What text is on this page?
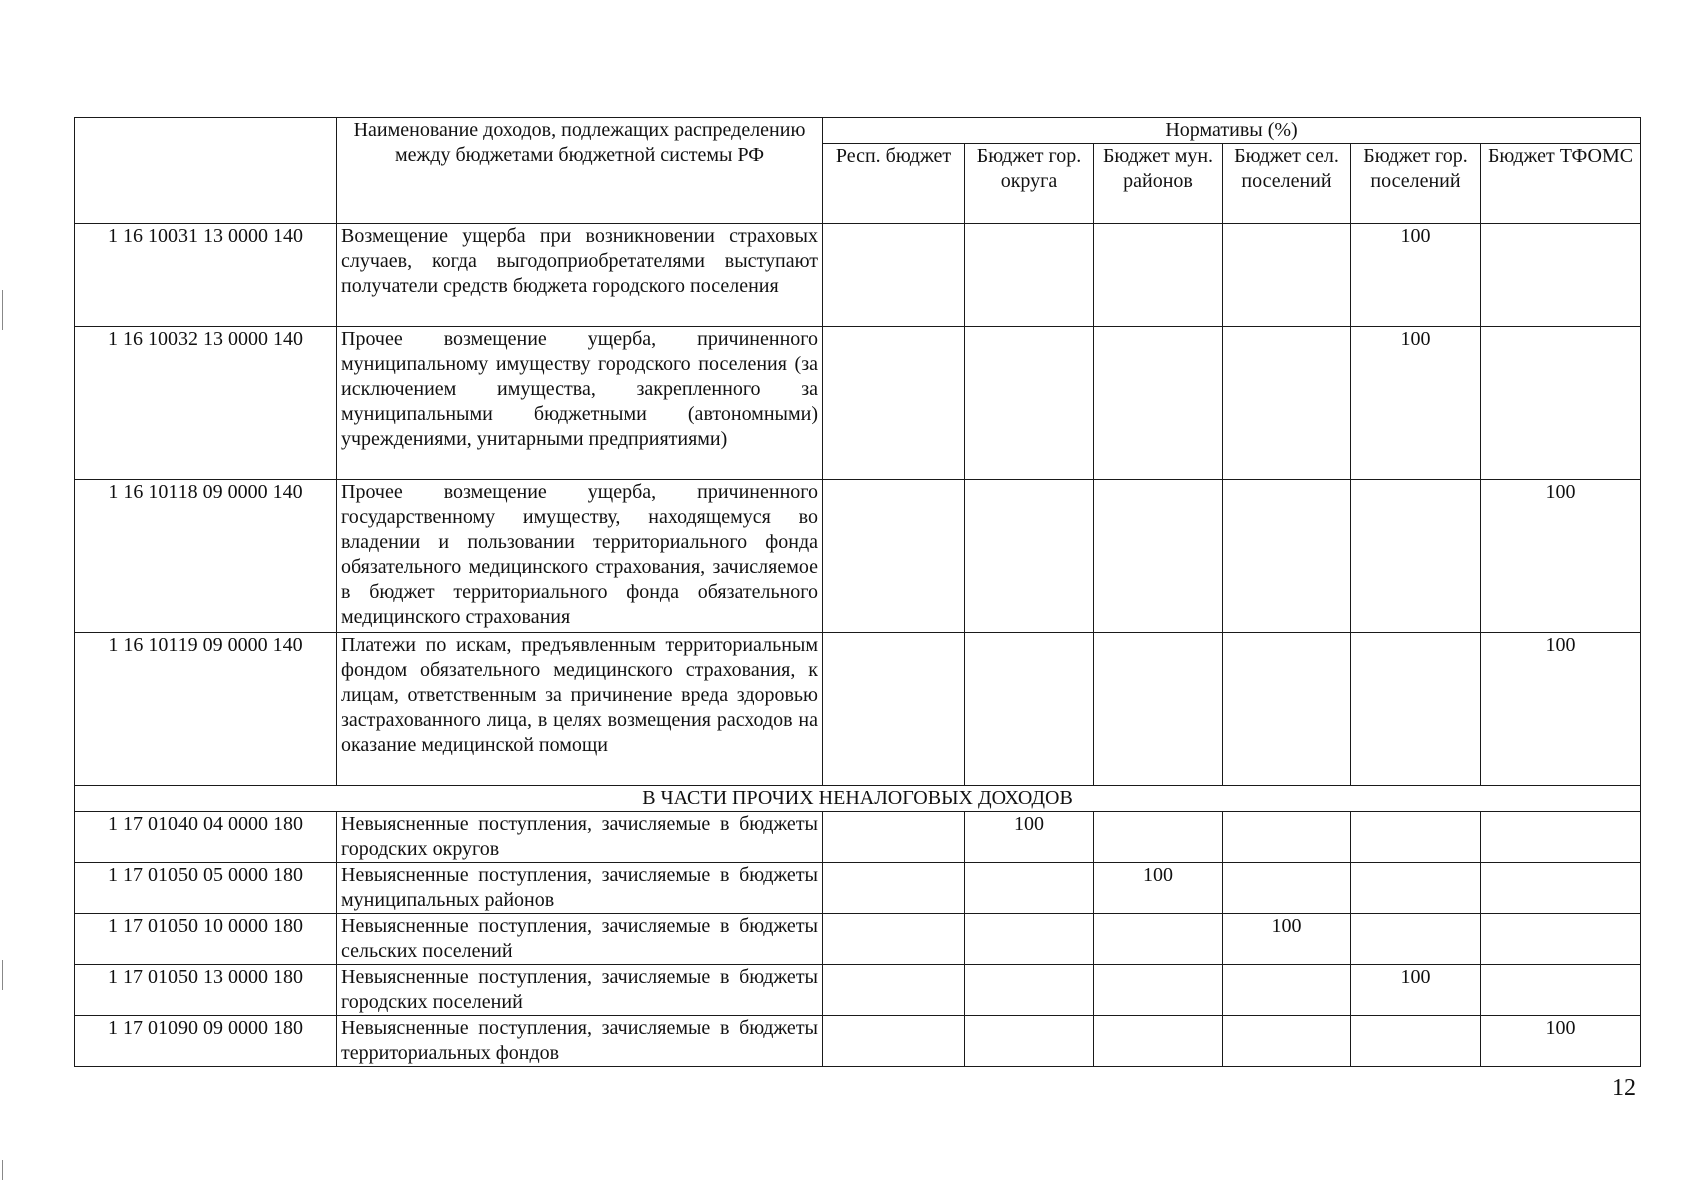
	Наименование доходов, подлежащих распределению между бюджетами бюджетной системы РФ	Нормативы (%)					
		Респ. бюджет	Бюджет гор. округа	Бюджет мун. районов	Бюджет сел. поселений	Бюджет гор. поселений	Бюджет ТФОМС
1 16 10031 13 0000 140	Возмещение ущерба при возникновении страховых случаев, когда выгодоприобретателями выступают получатели средств бюджета городского поселения					100	
1 16 10032 13 0000 140	Прочее возмещение ущерба, причиненного муниципальному имуществу городского поселения (за исключением имущества, закрепленного за муниципальными бюджетными (автономными) учреждениями, унитарными предприятиями)					100	
1 16 10118 09 0000 140	Прочее возмещение ущерба, причиненного государственному имуществу, находящемуся во владении и пользовании территориального фонда обязательного медицинского страхования, зачисляемое в бюджет территориального фонда обязательного медицинского страхования						100
1 16 10119 09 0000 140	Платежи по искам, предъявленным территориальным фондом обязательного медицинского страхования, к лицам, ответственным за причинение вреда здоровью застрахованного лица, в целях возмещения расходов на оказание медицинской помощи						100
В ЧАСТИ ПРОЧИХ НЕНАЛОГОВЫХ ДОХОДОВ							
1 17 01040 04 0000 180	Невыясненные поступления, зачисляемые в бюджеты городских округов		100				
1 17 01050 05 0000 180	Невыясненные поступления, зачисляемые в бюджеты муниципальных районов			100			
1 17 01050 10 0000 180	Невыясненные поступления, зачисляемые в бюджеты сельских поселений				100		
1 17 01050 13 0000 180	Невыясненные поступления, зачисляемые в бюджеты городских поселений					100	
1 17 01090 09 0000 180	Невыясненные поступления, зачисляемые в бюджеты территориальных фондов						100
12
